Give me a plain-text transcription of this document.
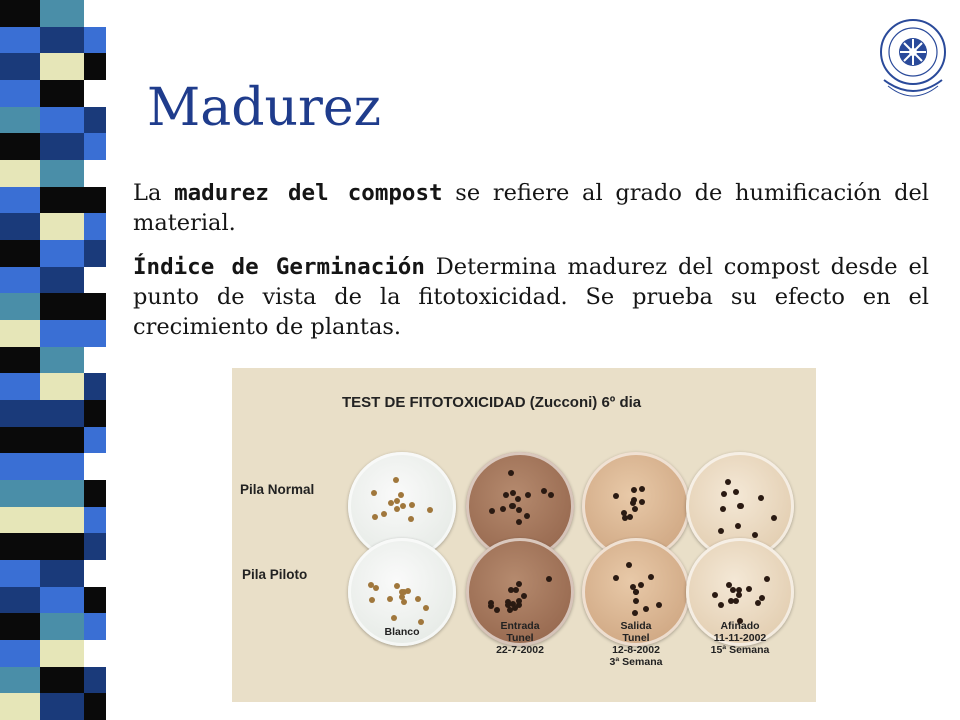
Madurez

La madurez del compost se refiere al grado de humificación del material.

Índice de Germinación Determina madurez del compost desde el punto de vista de la fitotoxicidad. Se prueba su efecto en el crecimiento de plantas.

TEST DE FITOTOXICIDAD (Zucconi) 6º dia
Pila Normal
Pila Piloto
Blanco	Entrada
Tunel
22-7-2002
Salida
Tunel
12-8-2002
3ª Semana
Afinado
11-11-2002
15ª Semana
